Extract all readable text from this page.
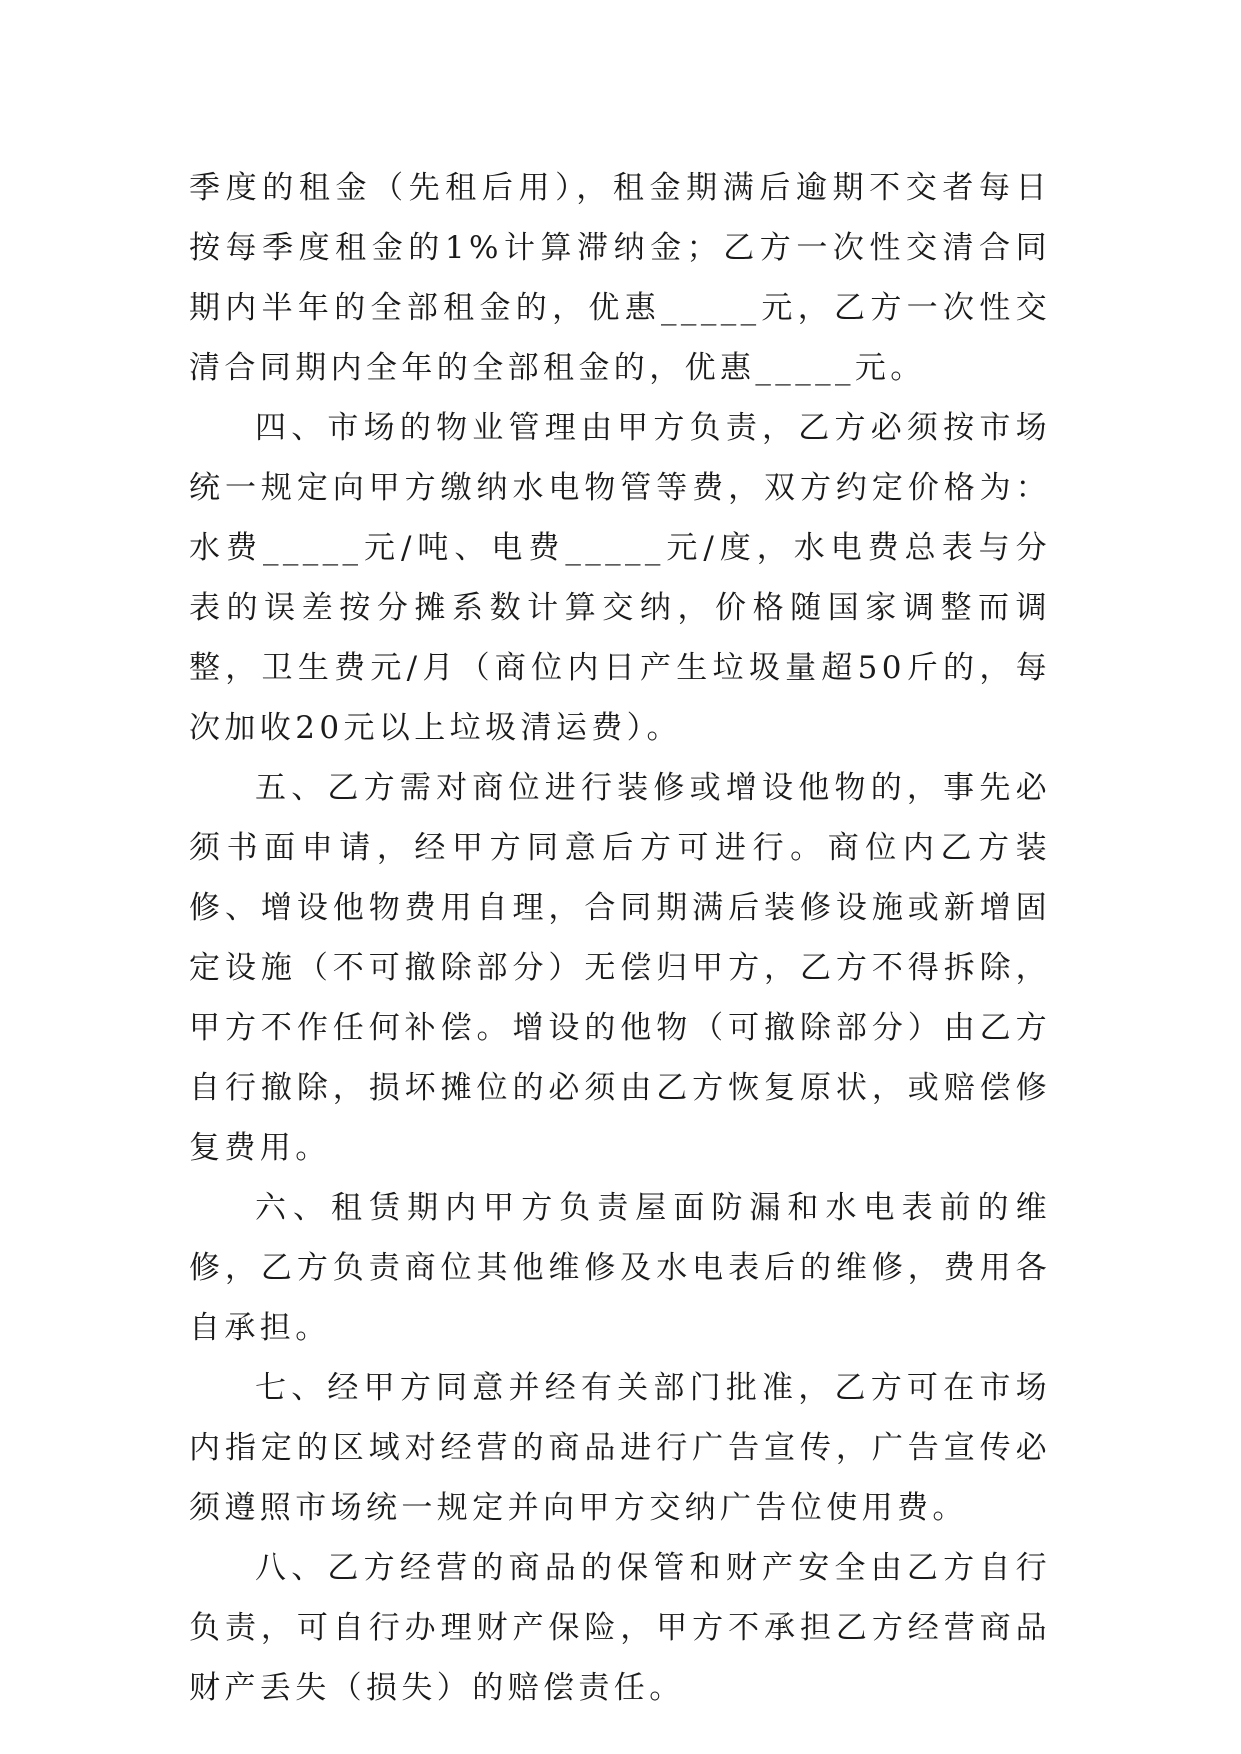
季度的租金（先租后用），租金期满后逾期不交者每日按每季度租金的1%计算滞纳金；乙方一次性交清合同期内半年的全部租金的，优惠_____元，乙方一次性交清合同期内全年的全部租金的，优惠_____元。

四、市场的物业管理由甲方负责，乙方必须按市场统一规定向甲方缴纳水电物管等费，双方约定价格为：水费_____元/吨、电费_____元/度，水电费总表与分表的误差按分摊系数计算交纳，价格随国家调整而调整，卫生费元/月（商位内日产生垃圾量超50斤的，每次加收20元以上垃圾清运费）。

五、乙方需对商位进行装修或增设他物的，事先必须书面申请，经甲方同意后方可进行。商位内乙方装修、增设他物费用自理，合同期满后装修设施或新增固定设施（不可撤除部分）无偿归甲方，乙方不得拆除，甲方不作任何补偿。增设的他物（可撤除部分）由乙方自行撤除，损坏摊位的必须由乙方恢复原状，或赔偿修复费用。

六、租赁期内甲方负责屋面防漏和水电表前的维修，乙方负责商位其他维修及水电表后的维修，费用各自承担。

七、经甲方同意并经有关部门批准，乙方可在市场内指定的区域对经营的商品进行广告宣传，广告宣传必须遵照市场统一规定并向甲方交纳广告位使用费。

八、乙方经营的商品的保管和财产安全由乙方自行负责，可自行办理财产保险，甲方不承担乙方经营商品财产丢失（损失）的赔偿责任。
